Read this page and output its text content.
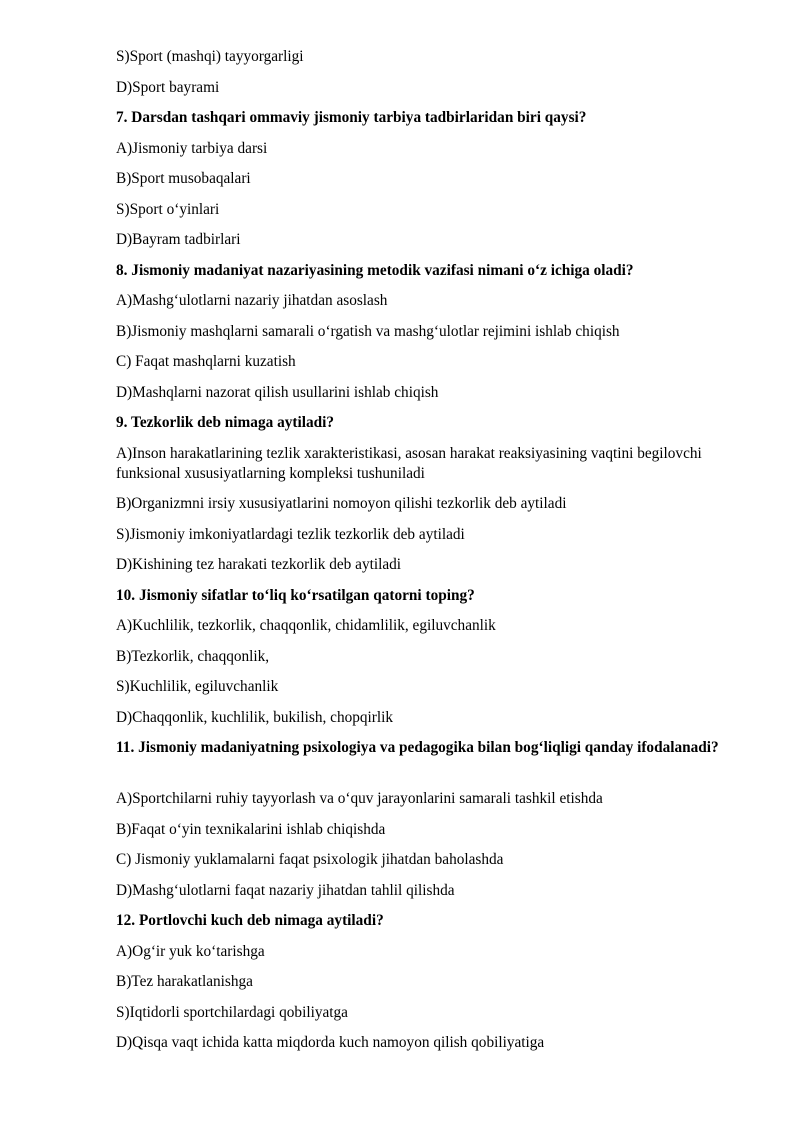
S)Sport (mashqi) tayyorgarligi
D)Sport bayrami
7. Darsdan tashqari ommaviy jismoniy tarbiya tadbirlaridan biri qaysi?
A)Jismoniy tarbiya darsi
B)Sport musobaqalari
S)Sport o‘yinlari
D)Bayram tadbirlari
8. Jismoniy madaniyat nazariyasining metodik vazifasi nimani o‘z ichiga oladi?
A)Mashg‘ulotlarni nazariy jihatdan asoslash
B)Jismoniy mashqlarni samarali o‘rgatish va mashg‘ulotlar rejimini ishlab chiqish
C) Faqat mashqlarni kuzatish
D)Mashqlarni nazorat qilish usullarini ishlab chiqish
9. Tezkorlik deb nimaga aytiladi?
A)Inson harakatlarining tezlik xarakteristikasi, asosan harakat reaksiyasining vaqtini begilovchi funksional xususiyatlarning kompleksi tushuniladi
B)Organizmni irsiy xususiyatlarini nomoyon qilishi tezkorlik deb aytiladi
S)Jismoniy imkoniyatlardagi tezlik tezkorlik deb aytiladi
D)Kishining tez harakati tezkorlik deb aytiladi
10. Jismoniy sifatlar to‘liq ko‘rsatilgan qatorni toping?
A)Kuchlilik, tezkorlik, chaqqonlik, chidamlilik, egiluvchanlik
B)Tezkorlik, chaqqonlik,
S)Kuchlilik, egiluvchanlik
D)Chaqqonlik, kuchlilik, bukilish, chopqirlik
11. Jismoniy madaniyatning psixologiya va pedagogika bilan bog‘liqligi qanday ifodalanadi?
A)Sportchilarni ruhiy tayyorlash va o‘quv jarayonlarini samarali tashkil etishda
B)Faqat o‘yin texnikalarini ishlab chiqishda
C) Jismoniy yuklamalarni faqat psixologik jihatdan baholashda
D)Mashg‘ulotlarni faqat nazariy jihatdan tahlil qilishda
12. Portlovchi kuch deb nimaga aytiladi?
A)Og‘ir yuk ko‘tarishga
B)Tez harakatlanishga
S)Iqtidorli sportchilardagi qobiliyatga
D)Qisqa vaqt ichida katta miqdorda kuch namoyon qilish qobiliyatiga
